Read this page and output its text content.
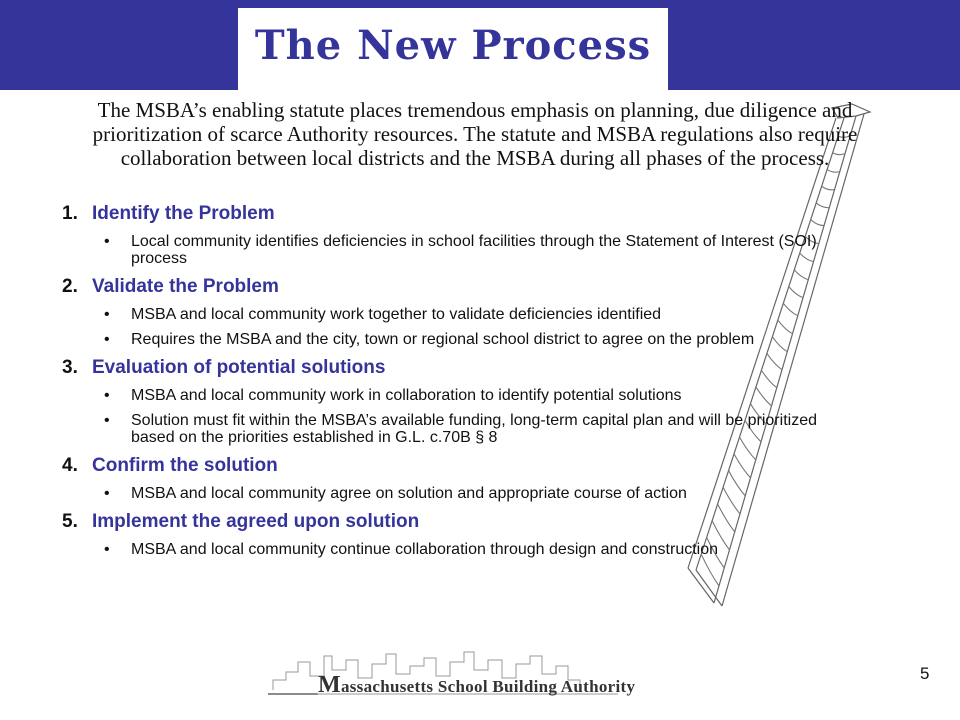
The New Process
The MSBA’s enabling statute places tremendous emphasis on planning, due diligence and prioritization of scarce Authority resources. The statute and MSBA regulations also require collaboration between local districts and the MSBA during all phases of the process.
1. Identify the Problem
• Local community identifies deficiencies in school facilities through the Statement of Interest (SOI) process
2. Validate the Problem
• MSBA and local community work together to validate deficiencies identified
• Requires the MSBA and the city, town or regional school district to agree on the problem
3. Evaluation of potential solutions
• MSBA and local community work in collaboration to identify potential solutions
• Solution must fit within the MSBA’s available funding, long-term capital plan and will be prioritized based on the priorities established in G.L. c.70B § 8
4. Confirm the solution
• MSBA and local community agree on solution and appropriate course of action
5. Implement the agreed upon solution
• MSBA and local community continue collaboration through design and construction
Massachusetts School Building Authority
5
